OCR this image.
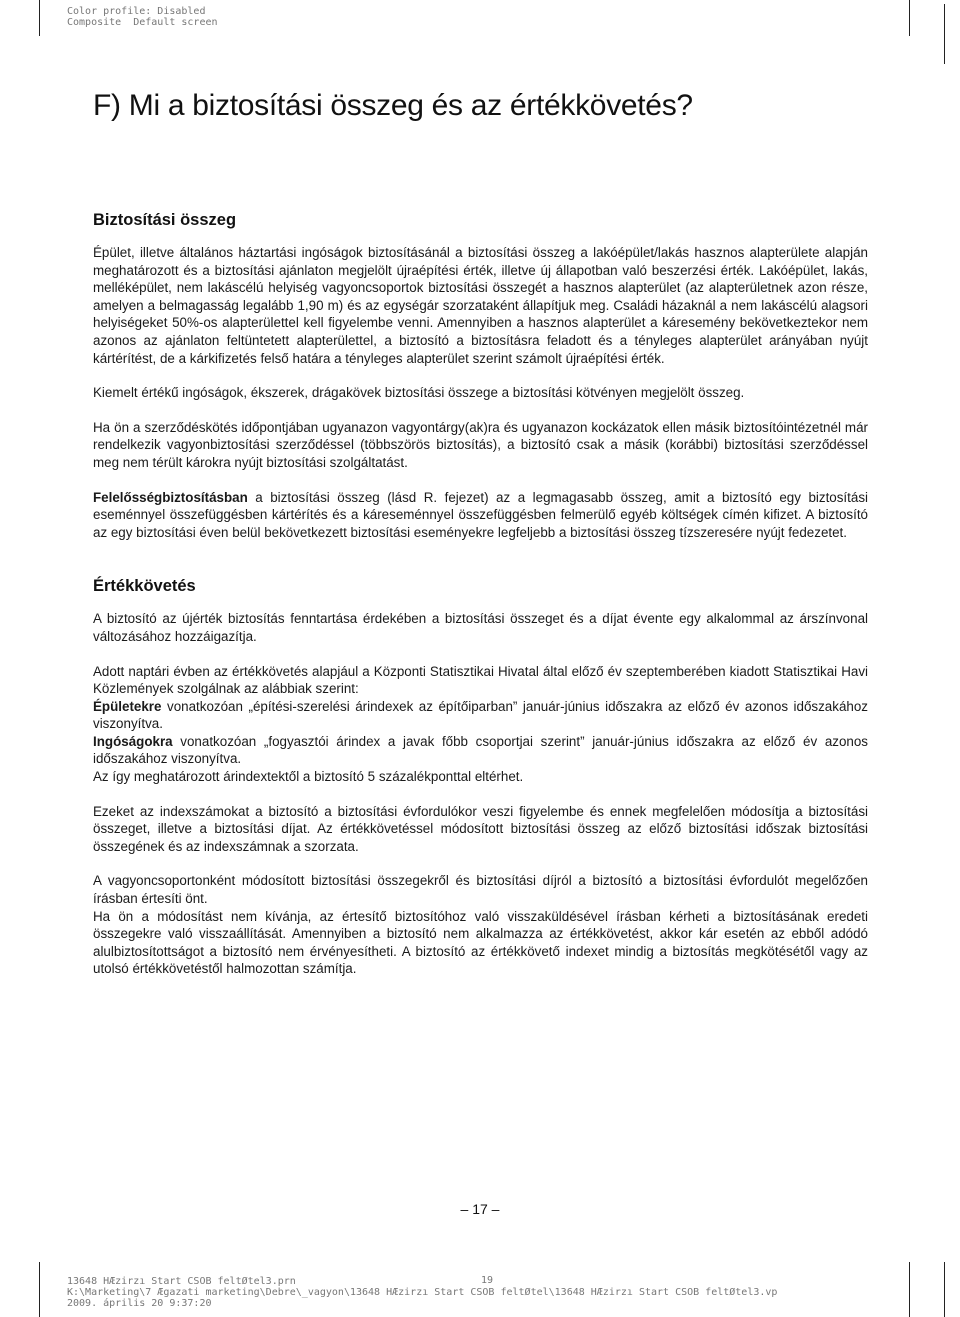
Color profile: Disabled
Composite  Default screen
F) Mi a biztosítási összeg és az értékkövetés?
Biztosítási összeg

Épület, illetve általános háztartási ingóságok biztosításánál a biztosítási összeg a lakóépület/lakás hasznos alapterülete alapján meghatározott és a biztosítási ajánlaton megjelölt újraépítési érték, illetve új állapotban való beszerzési érték. Lakóépület, lakás, melléképület, nem lakáscélú helyiség vagyoncsoportok biztosítási összegét a hasznos alapterület (az alapterületnek azon része, amelyen a belmagasság legalább 1,90 m) és az egységár szorzataként állapítjuk meg. Családi házaknál a nem lakáscélú alagsori helyiségeket 50%-os alapterülettel kell figyelembe venni. Amennyiben a hasznos alapterület a káresemény bekövetkeztekor nem azonos az ajánlaton feltüntetett alapterülettel, a biztosító a biztosításra feladott és a tényleges alapterület arányában nyújt kártérítést, de a kárkifizetés felső határa a tényleges alapterület szerint számolt újraépítési érték.

Kiemelt értékű ingóságok, ékszerek, drágakövek biztosítási összege a biztosítási kötvényen megjelölt összeg.

Ha ön a szerződéskötés időpontjában ugyanazon vagyontárgy(ak)ra és ugyanazon kockázatok ellen másik biztosítóintézetnél már rendelkezik vagyonbiztosítási szerződéssel (többszörös biztosítás), a biztosító csak a másik (korábbi) biztosítási szerződéssel meg nem térült károkra nyújt biztosítási szolgáltatást.

Felelősségbiztosításban a biztosítási összeg (lásd R. fejezet) az a legmagasabb összeg, amit a biztosító egy biztosítási eseménnyel összefüggésben kártérítés és a káreseménnyel összefüggésben felmerülő egyéb költségek címén kifizet. A biztosító az egy biztosítási éven belül bekövetkezett biztosítási eseményekre legfeljebb a biztosítási összeg tízszeresére nyújt fedezetet.

Értékkövetés

A biztosító az újérték biztosítás fenntartása érdekében a biztosítási összeget és a díjat évente egy alkalommal az árszínvonal változásához hozzáigazítja.

Adott naptári évben az értékkövetés alapjául a Központi Statisztikai Hivatal által előző év szeptemberében kiadott Statisztikai Havi Közlemények szolgálnak az alábbiak szerint:

Épületekre vonatkozóan „építési-szerelési árindexek az építőiparban” január-június időszakra az előző év azonos időszakához viszonyítva.

Ingóságokra vonatkozóan „fogyasztói árindex a javak főbb csoportjai szerint” január-június időszakra az előző év azonos időszakához viszonyítva.

Az így meghatározott árindextektől a biztosító 5 százalékponttal eltérhet.

Ezeket az indexszámokat a biztosító a biztosítási évfordulókor veszi figyelembe és ennek megfelelően módosítja a biztosítási összeget, illetve a biztosítási díjat. Az értékkövetéssel módosított biztosítási összeg az előző biztosítási időszak biztosítási összegének és az indexszámnak a szorzata.

A vagyoncsoportonként módosított biztosítási összegekről és biztosítási díjról a biztosító a biztosítási évfordulót megelőzően írásban értesíti önt.

Ha ön a módosítást nem kívánja, az értesítő biztosítóhoz való visszaküldésével írásban kérheti a biztosításának eredeti összegekre való visszaállítását. Amennyiben a biztosító nem alkalmazza az értékkövetést, akkor kár esetén az ebből adódó alulbiztosítottságot a biztosító nem érvényesítheti. A biztosító az értékkövető indexet mindig a biztosítás megkötésétől vagy az utolsó értékkövetéstől halmozottan számítja.

– 17 –
13648 HÆzirzı Start CSOB feltØtel3.prn
K:\Marketing\7 Ægazati marketing\Debre\_vagyon\13648 HÆzirzı Start CSOB feltØtel\13648 HÆzirzı Start CSOB feltØtel3.vp
2009. április 20 9:37:20
19
